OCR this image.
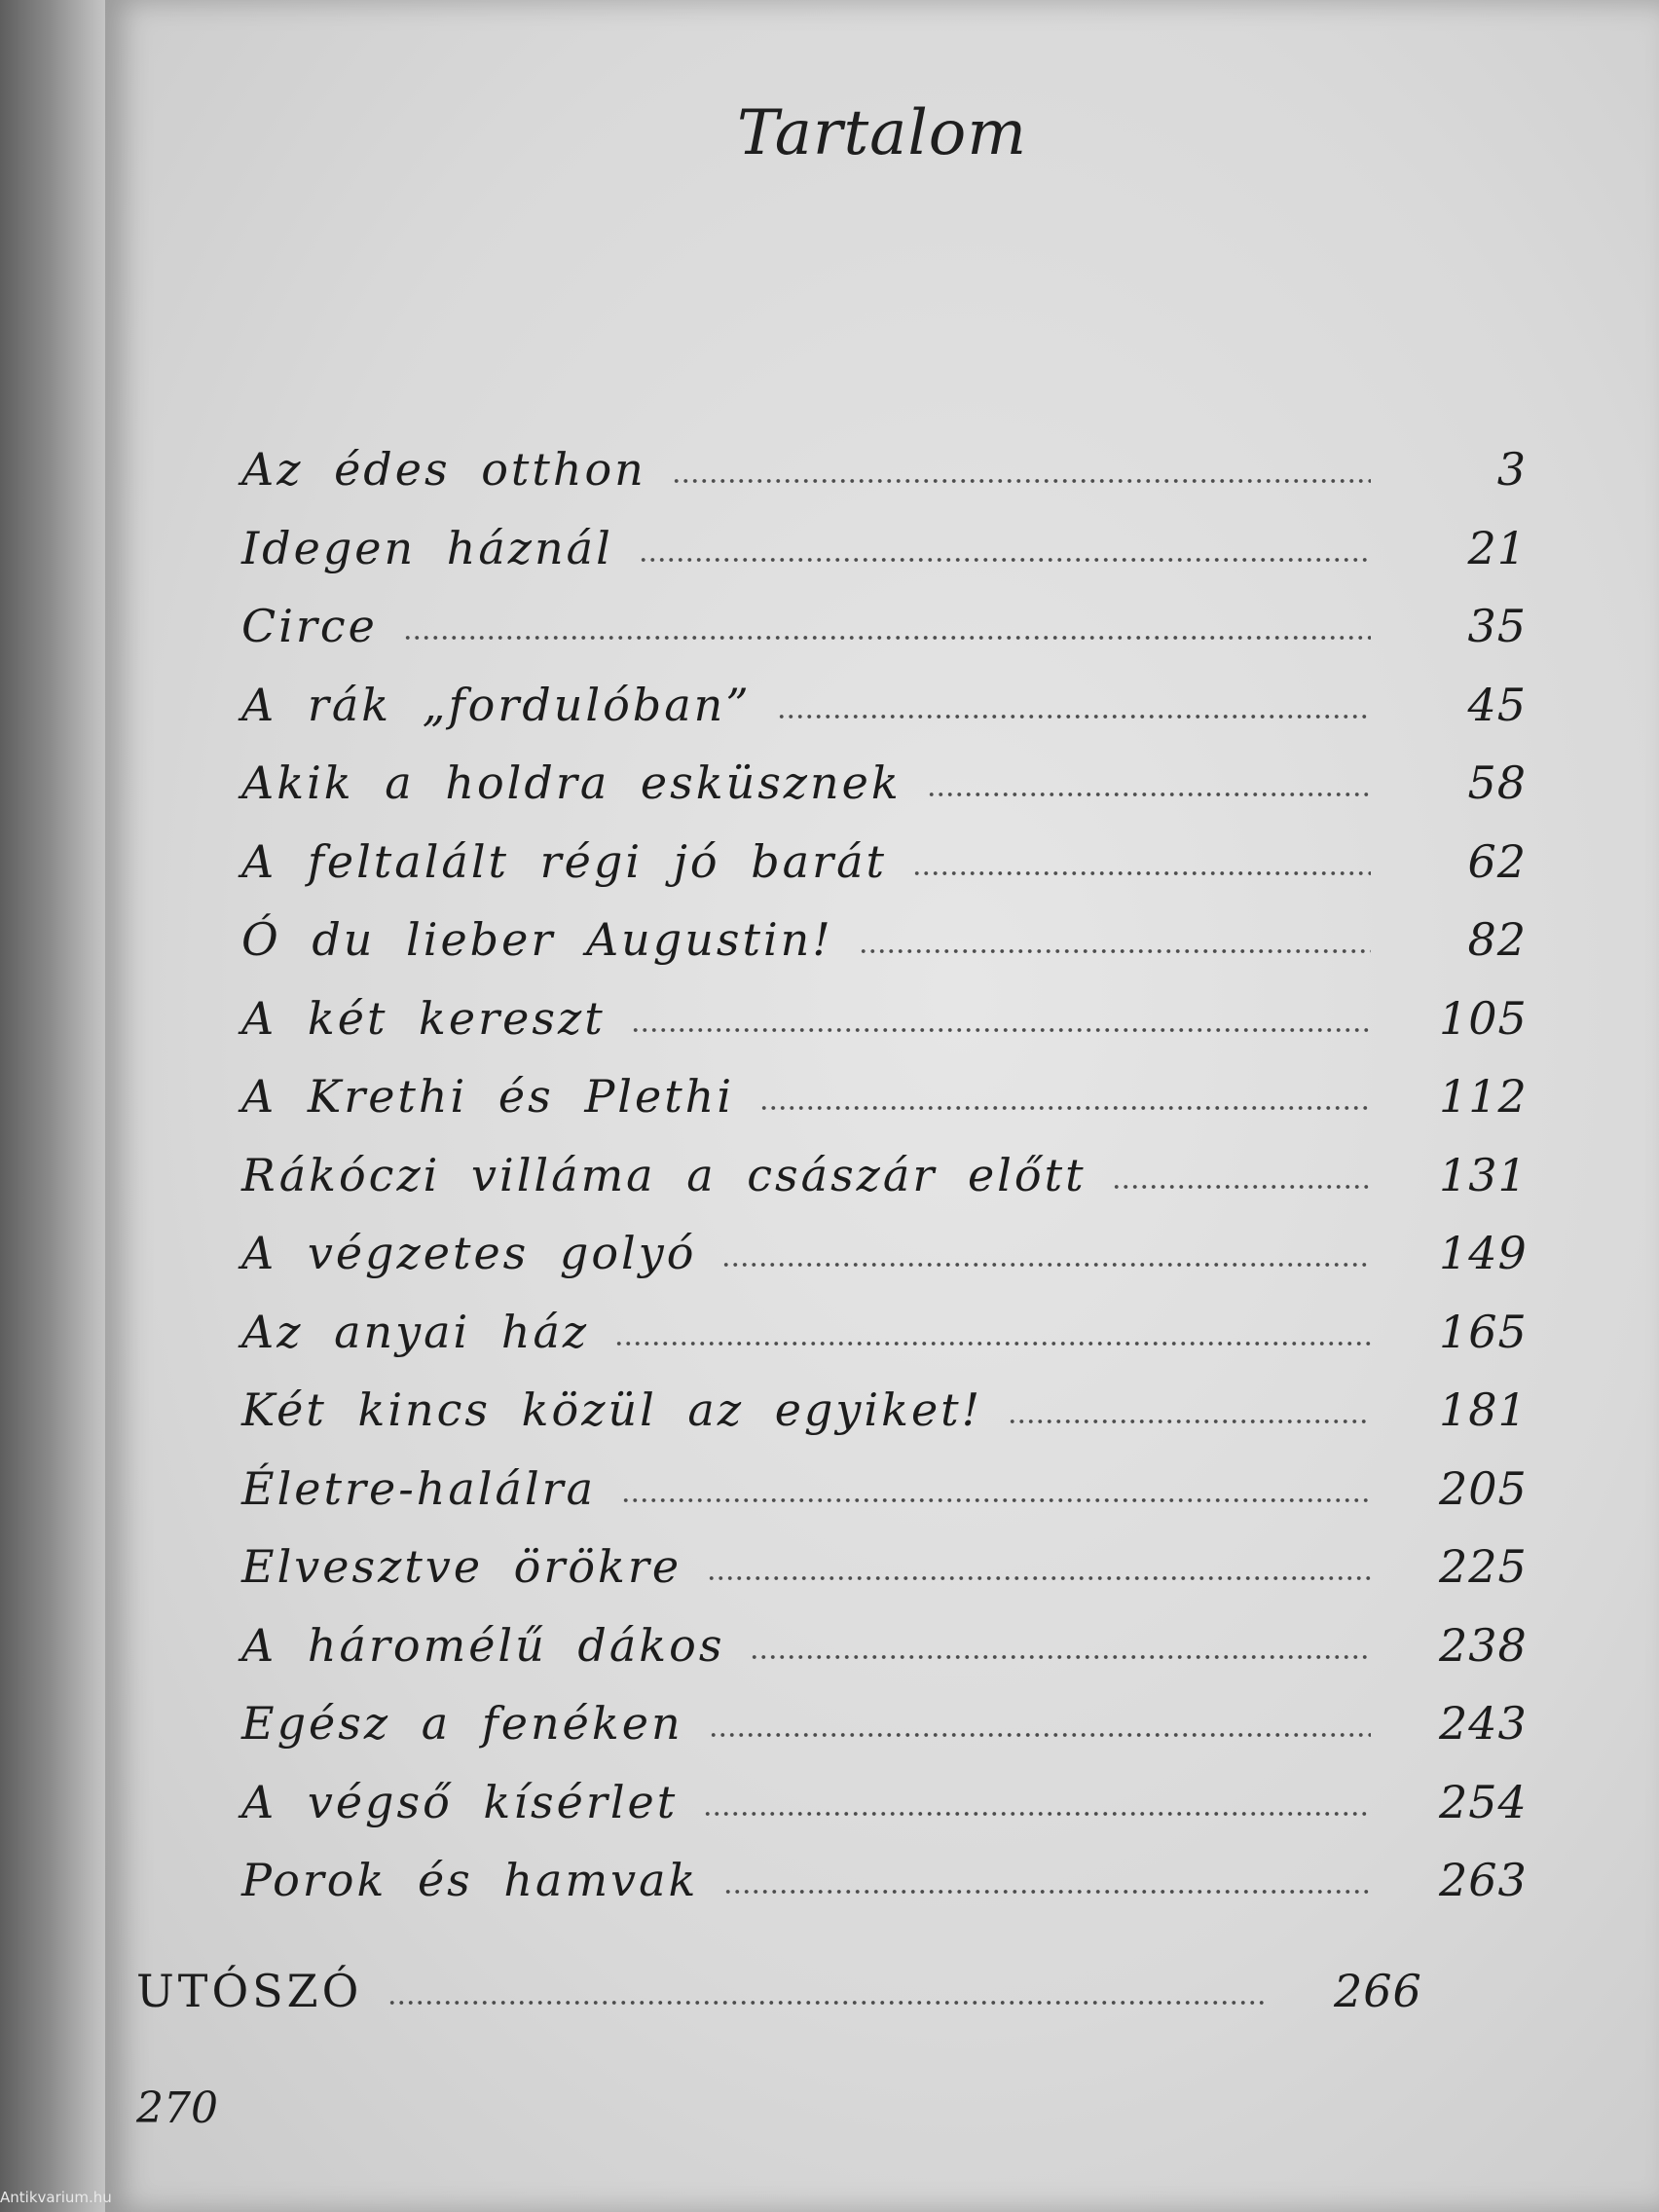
Tartalom
Az édes otthon	3
Idegen háznál	21
Circe	35
A rák „fordulóban”	45
Akik a holdra esküsznek	58
A feltalált régi jó barát	62
Ó du lieber Augustin!	82
A két kereszt	105
A Krethi és Plethi	112
Rákóczi villáma a császár előtt	131
A végzetes golyó	149
Az anyai ház	165
Két kincs közül az egyiket!	181
Életre-halálra	205
Elvesztve örökre	225
A háromélű dákos	238
Egész a fenéken	243
A végső kísérlet	254
Porok és hamvak	263
UTÓSZÓ	266
270
Antikvarium.hu
